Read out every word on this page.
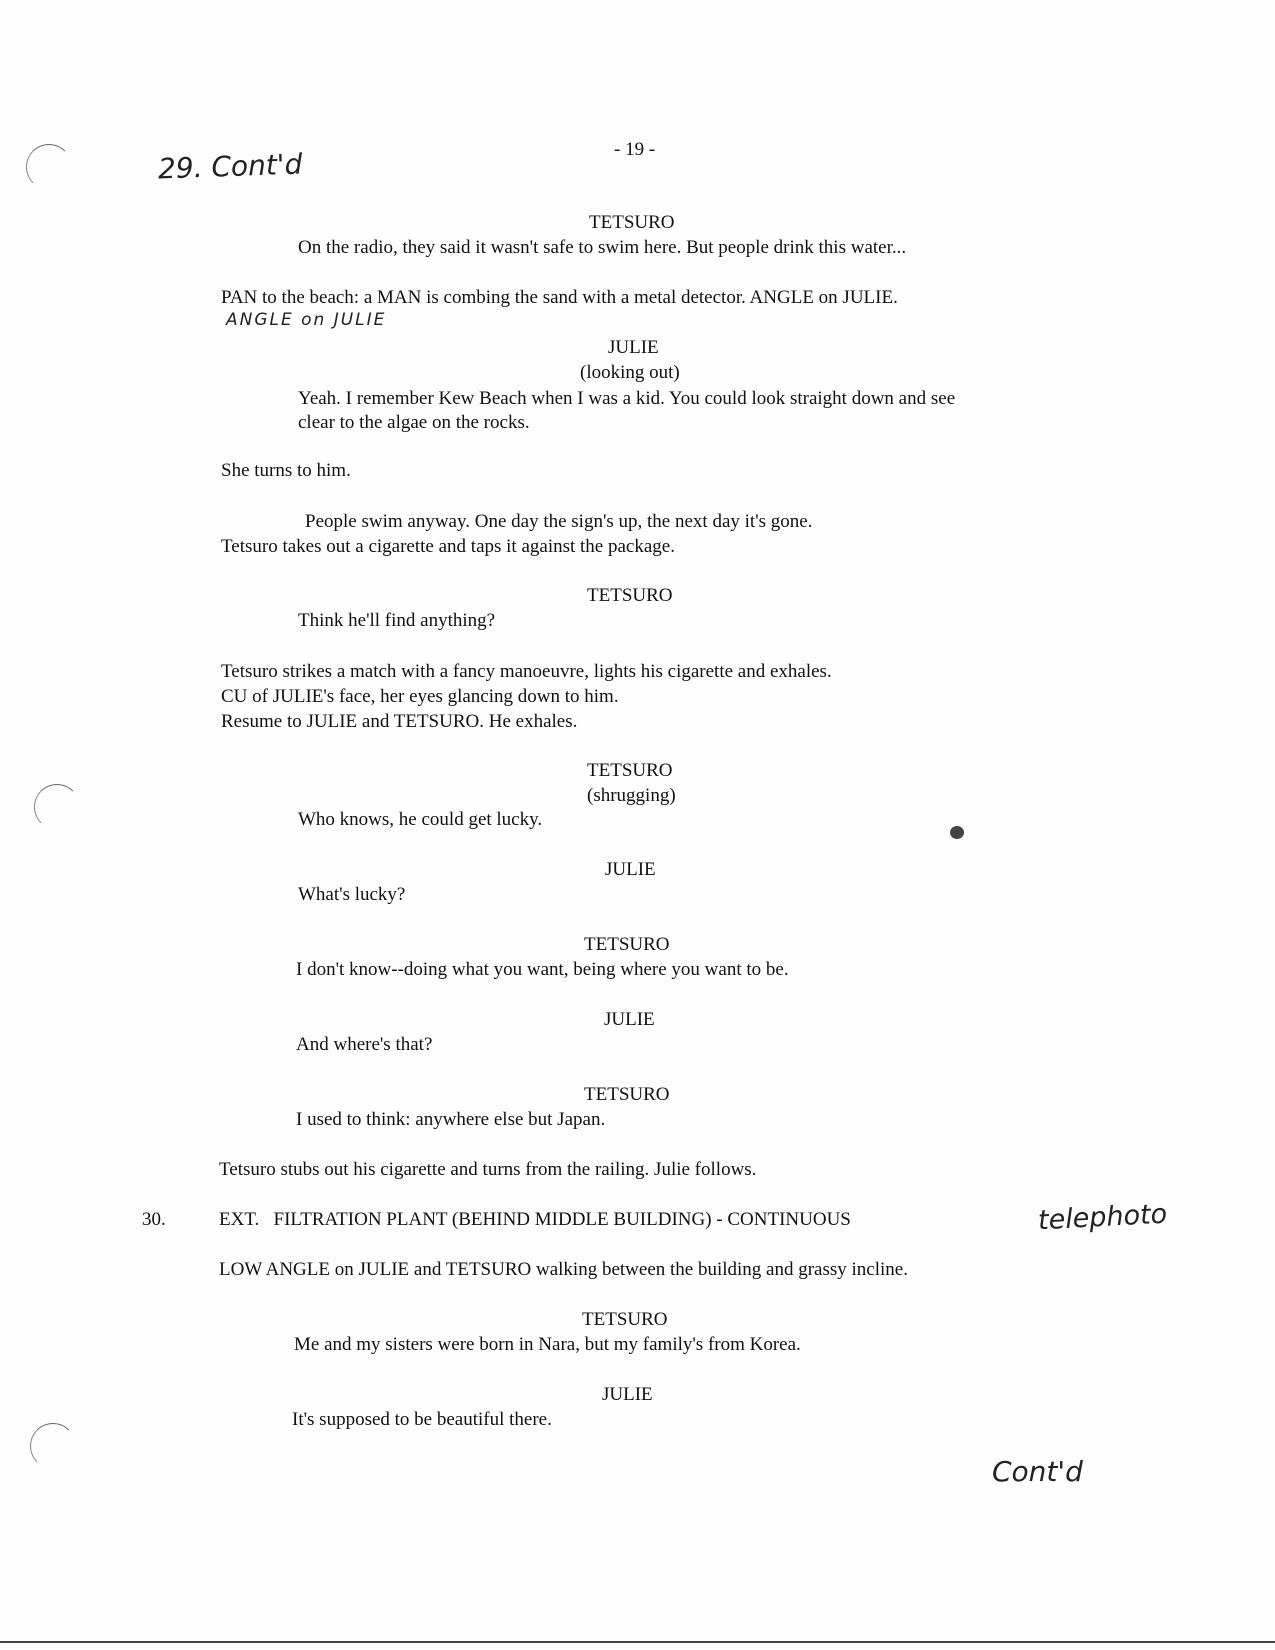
- 19 -
29. Cont'd
TETSURO
On the radio, they said it wasn't safe to swim here. But people drink this water...
PAN to the beach: a MAN is combing the sand with a metal detector. ANGLE on JULIE.
ANGLE on JULIE
JULIE
(looking out)
Yeah. I remember Kew Beach when I was a kid. You could look straight down and see
clear to the algae on the rocks.
She turns to him.
People swim anyway. One day the sign's up, the next day it's gone.
Tetsuro takes out a cigarette and taps it against the package.
TETSURO
Think he'll find anything?
Tetsuro strikes a match with a fancy manoeuvre, lights his cigarette and exhales.
CU of JULIE's face, her eyes glancing down to him.
Resume to JULIE and TETSURO. He exhales.
TETSURO
(shrugging)
Who knows, he could get lucky.
JULIE
What's lucky?
TETSURO
I don't know--doing what you want, being where you want to be.
JULIE
And where's that?
TETSURO
I used to think: anywhere else but Japan.
Tetsuro stubs out his cigarette and turns from the railing. Julie follows.
30.	EXT.   FILTRATION PLANT (BEHIND MIDDLE BUILDING) - CONTINUOUS	telephoto
LOW ANGLE on JULIE and TETSURO walking between the building and grassy incline.
TETSURO
Me and my sisters were born in Nara, but my family's from Korea.
JULIE
It's supposed to be beautiful there.
Cont'd
